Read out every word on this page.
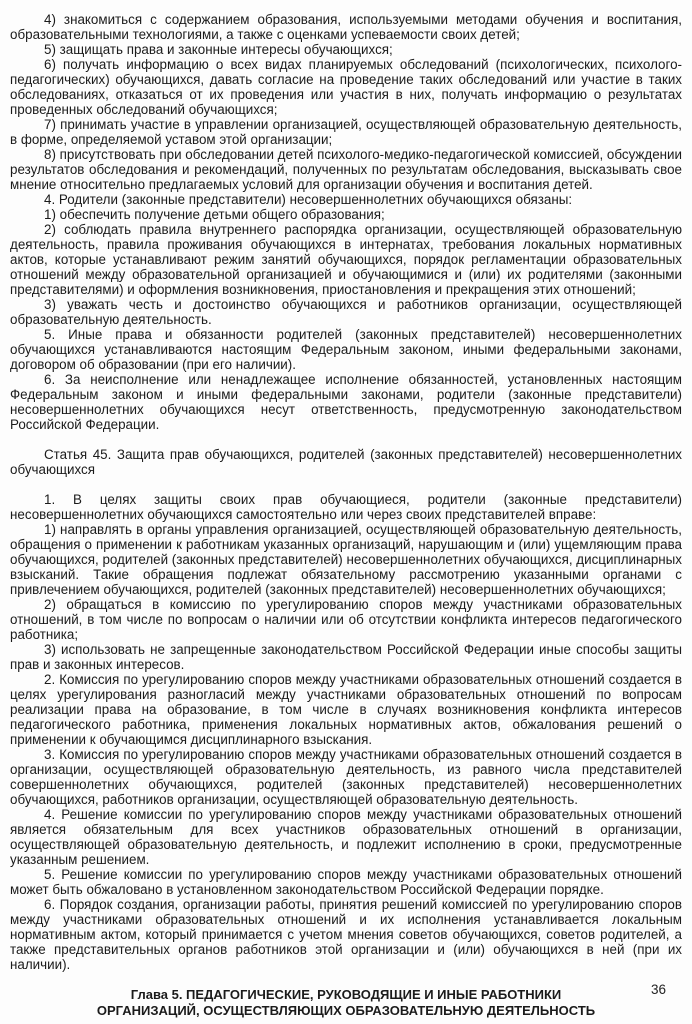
4) знакомиться с содержанием образования, используемыми методами обучения и воспитания, образовательными технологиями, а также с оценками успеваемости своих детей;

5) защищать права и законные интересы обучающихся;

6) получать информацию о всех видах планируемых обследований (психологических, психолого-педагогических) обучающихся, давать согласие на проведение таких обследований или участие в таких обследованиях, отказаться от их проведения или участия в них, получать информацию о результатах проведенных обследований обучающихся;

7) принимать участие в управлении организацией, осуществляющей образовательную деятельность, в форме, определяемой уставом этой организации;

8) присутствовать при обследовании детей психолого-медико-педагогической комиссией, обсуждении результатов обследования и рекомендаций, полученных по результатам обследования, высказывать свое мнение относительно предлагаемых условий для организации обучения и воспитания детей.

4. Родители (законные представители) несовершеннолетних обучающихся обязаны:

1) обеспечить получение детьми общего образования;

2) соблюдать правила внутреннего распорядка организации, осуществляющей образовательную деятельность, правила проживания обучающихся в интернатах, требования локальных нормативных актов, которые устанавливают режим занятий обучающихся, порядок регламентации образовательных отношений между образовательной организацией и обучающимися и (или) их родителями (законными представителями) и оформления возникновения, приостановления и прекращения этих отношений;

3) уважать честь и достоинство обучающихся и работников организации, осуществляющей образовательную деятельность.

5. Иные права и обязанности родителей (законных представителей) несовершеннолетних обучающихся устанавливаются настоящим Федеральным законом, иными федеральными законами, договором об образовании (при его наличии).

6. За неисполнение или ненадлежащее исполнение обязанностей, установленных настоящим Федеральным законом и иными федеральными законами, родители (законные представители) несовершеннолетних обучающихся несут ответственность, предусмотренную законодательством Российской Федерации.

Статья 45. Защита прав обучающихся, родителей (законных представителей) несовершеннолетних обучающихся

1. В целях защиты своих прав обучающиеся, родители (законные представители) несовершеннолетних обучающихся самостоятельно или через своих представителей вправе:

1) направлять в органы управления организацией, осуществляющей образовательную деятельность, обращения о применении к работникам указанных организаций, нарушающим и (или) ущемляющим права обучающихся, родителей (законных представителей) несовершеннолетних обучающихся, дисциплинарных взысканий. Такие обращения подлежат обязательному рассмотрению указанными органами с привлечением обучающихся, родителей (законных представителей) несовершеннолетних обучающихся;

2) обращаться в комиссию по урегулированию споров между участниками образовательных отношений, в том числе по вопросам о наличии или об отсутствии конфликта интересов педагогического работника;

3) использовать не запрещенные законодательством Российской Федерации иные способы защиты прав и законных интересов.

2. Комиссия по урегулированию споров между участниками образовательных отношений создается в целях урегулирования разногласий между участниками образовательных отношений по вопросам реализации права на образование, в том числе в случаях возникновения конфликта интересов педагогического работника, применения локальных нормативных актов, обжалования решений о применении к обучающимся дисциплинарного взыскания.

3. Комиссия по урегулированию споров между участниками образовательных отношений создается в организации, осуществляющей образовательную деятельность, из равного числа представителей совершеннолетних обучающихся, родителей (законных представителей) несовершеннолетних обучающихся, работников организации, осуществляющей образовательную деятельность.

4. Решение комиссии по урегулированию споров между участниками образовательных отношений является обязательным для всех участников образовательных отношений в организации, осуществляющей образовательную деятельность, и подлежит исполнению в сроки, предусмотренные указанным решением.

5. Решение комиссии по урегулированию споров между участниками образовательных отношений может быть обжаловано в установленном законодательством Российской Федерации порядке.

6. Порядок создания, организации работы, принятия решений комиссией по урегулированию споров между участниками образовательных отношений и их исполнения устанавливается локальным нормативным актом, который принимается с учетом мнения советов обучающихся, советов родителей, а также представительных органов работников этой организации и (или) обучающихся в ней (при их наличии).

Глава 5. ПЕДАГОГИЧЕСКИЕ, РУКОВОДЯЩИЕ И ИНЫЕ РАБОТНИКИ
ОРГАНИЗАЦИЙ, ОСУЩЕСТВЛЯЮЩИХ ОБРАЗОВАТЕЛЬНУЮ ДЕЯТЕЛЬНОСТЬ
36
